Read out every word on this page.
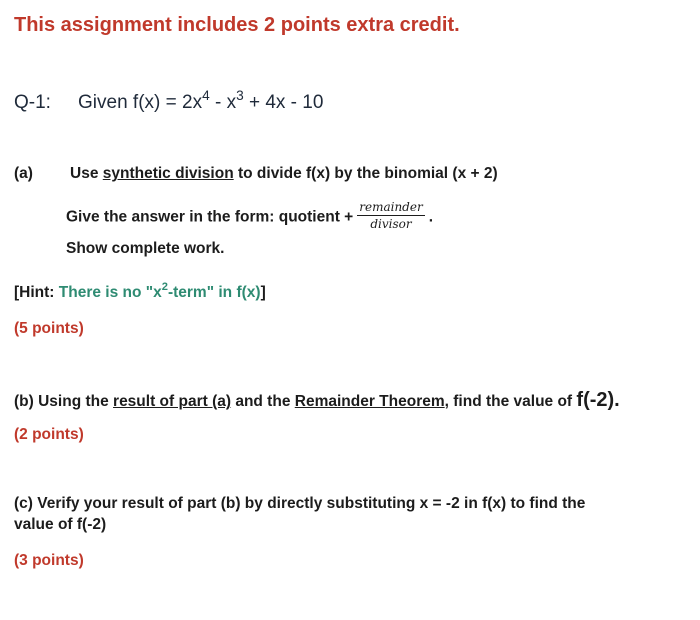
This assignment includes 2 points extra credit.
Q-1: Given $f(x) = 2x^4 - x^3 + 4x - 10$
(a) Use synthetic division to divide f(x) by the binomial (x + 2)
Give the answer in the form: quotient + $\frac{\text{remainder}}{\text{divisor}}$ .
Show complete work.
[Hint: There is no "$x^2$-term" in f(x)]
(5 points)
(b) Using the result of part (a) and the Remainder Theorem, find the value of f(-2).
(2 points)
(c) Verify your result of part (b) by directly substituting x = -2 in f(x) to find the
value of f(-2)
(3 points)
